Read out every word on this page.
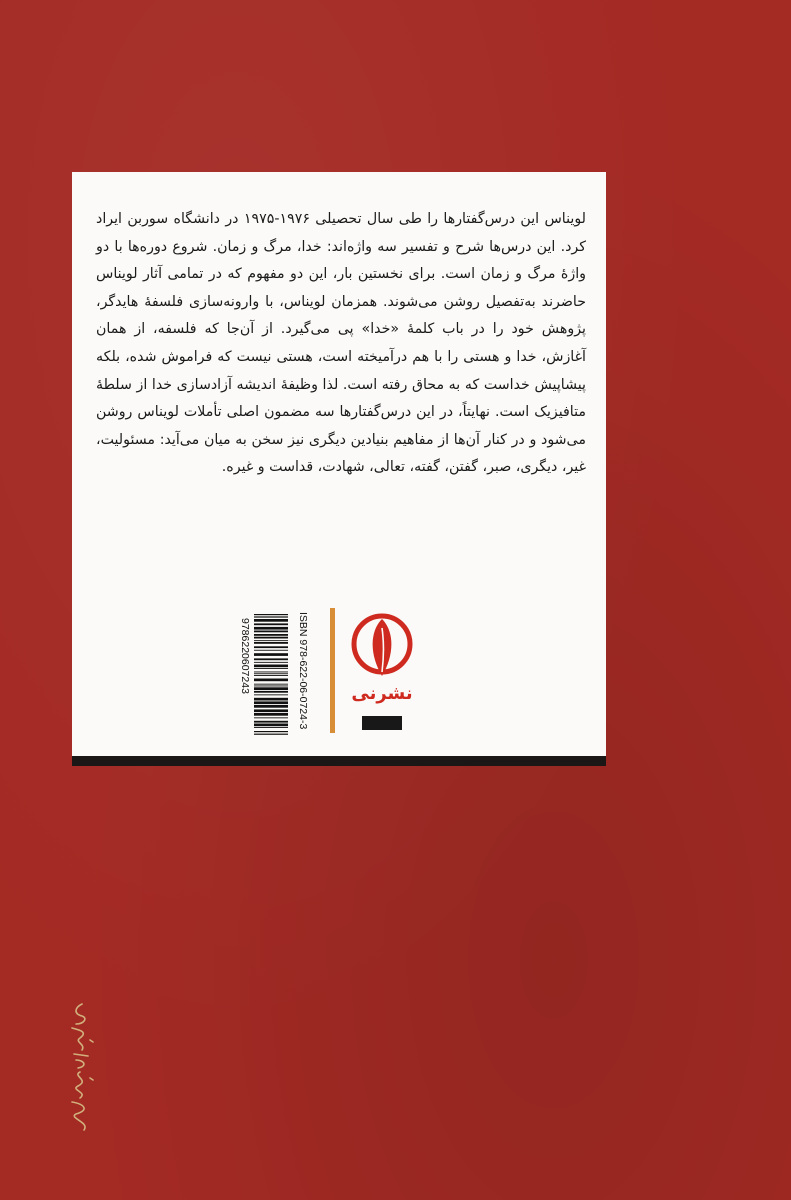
لویناس این درس‌گفتارها را طی سال تحصیلی ۱۹۷۶-۱۹۷۵ در دانشگاه سوربن ایراد کرد. این درس‌ها شرح و تفسیر سه واژه‌اند: خدا، مرگ و زمان. شروع دوره‌ها با دو واژهٔ مرگ و زمان است. برای نخستین بار، این دو مفهوم که در تمامی آثار لویناس حاضرند به‌تفصیل روشن می‌شوند. همزمان لویناس، با وارونه‌سازی فلسفهٔ هایدگر، پژوهش خود را در باب کلمهٔ «خدا» پی می‌گیرد. از آن‌جا که فلسفه، از همان آغازش، خدا و هستی را با هم درآمیخته است، هستی نیست که فراموش شده، بلکه پیشاپیش خداست که به محاق رفته است. لذا وظیفهٔ اندیشه آزادسازی خدا از سلطهٔ متافیزیک است. نهایتاً، در این درس‌گفتارها سه مضمون اصلی تأملات لویناس روشن می‌شود و در کنار آن‌ها از مفاهیم بنیادین دیگری نیز سخن به میان می‌آید: مسئولیت، غیر، دیگری، صبر، گفتن، گفته، تعالی، شهادت، قداست و غیره.

ISBN 978-622-06-0724-3
9786220607243	نشرنی
